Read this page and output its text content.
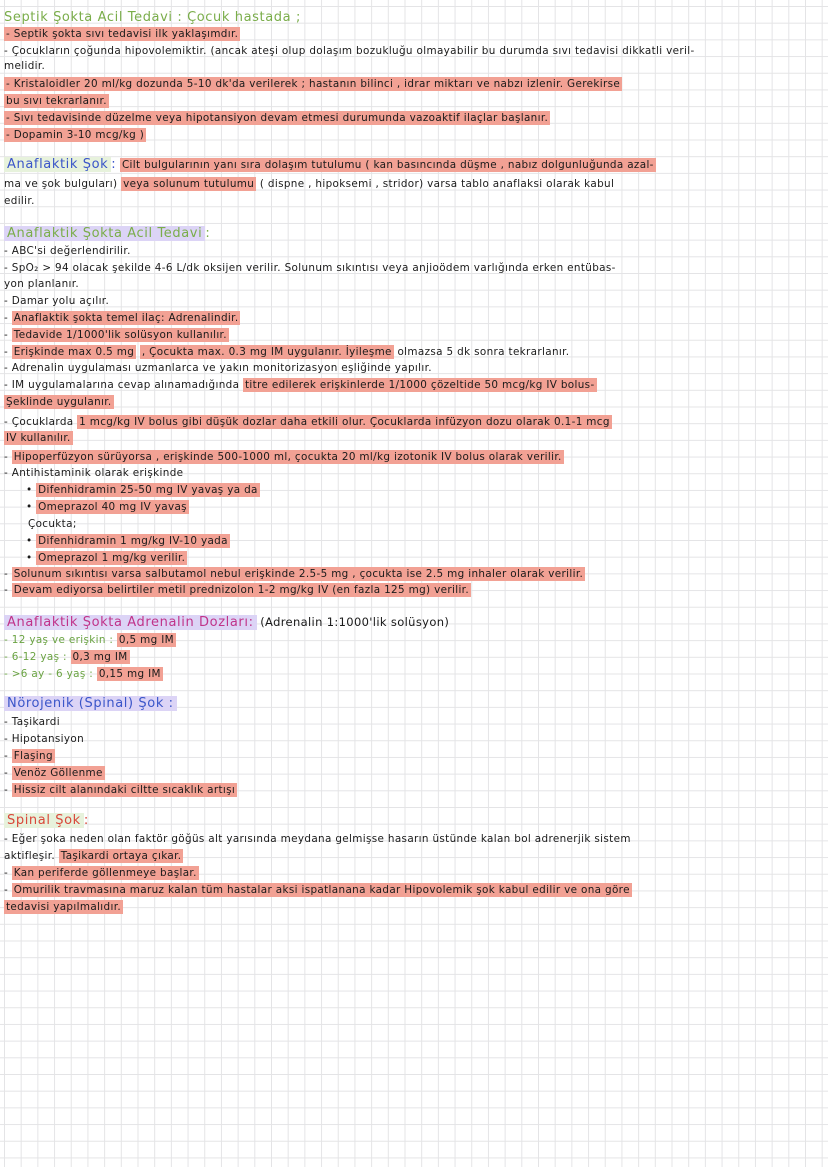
Septik Şokta Acil Tedavi : Çocuk hastada ;
- Septik şokta sıvı tedavisi ilk yaklaşımdır.
- Çocukların çoğunda hipovolemiktir. (ancak ateşi olup dolaşım bozukluğu olmayabilir bu durumda sıvı tedavisi dikkatli veril-
melidir.
- Kristaloidler 20 ml/kg dozunda 5-10 dk'da verilerek ; hastanın bilinci , idrar miktarı ve nabzı izlenir. Gerekirse
bu sıvı tekrarlanır.
- Sıvı tedavisinde düzelme veya hipotansiyon devam etmesi durumunda vazoaktif ilaçlar başlanır.
- Dopamin 3-10 mcg/kg )
Anaflaktik Şok : Cilt bulgularının yanı sıra dolaşım tutulumu ( kan basıncında düşme , nabız dolgunluğunda azal-
ma ve şok bulguları) veya solunum tutulumu ( dispne , hipoksemi , stridor) varsa tablo anaflaksi olarak kabul
edilir.
Anaflaktik Şokta Acil Tedavi :
- ABC'si değerlendirilir.
- SpO₂ > 94 olacak şekilde 4-6 L/dk oksijen verilir. Solunum sıkıntısı veya anjioödem varlığında erken entübas-
yon planlanır.
- Damar yolu açılır.
- Anaflaktik şokta temel ilaç: Adrenalindir.
- Tedavide 1/1000'lik solüsyon kullanılır.
- Erişkinde max 0.5 mg , Çocukta max. 0.3 mg IM uygulanır. İyileşme olmazsa 5 dk sonra tekrarlanır.
- Adrenalin uygulaması uzmanlarca ve yakın monitorizasyon eşliğinde yapılır.
- IM uygulamalarına cevap alınamadığında titre edilerek erişkinlerde 1/1000 çözeltide 50 mcg/kg IV bolus-
Şeklinde uygulanır.
- Çocuklarda 1 mcg/kg IV bolus gibi düşük dozlar daha etkili olur. Çocuklarda infüzyon dozu olarak 0.1-1 mcg
IV kullanılır.
- Hipoperfüzyon sürüyorsa , erişkinde 500-1000 ml, çocukta 20 ml/kg izotonik IV bolus olarak verilir.
- Antihistaminik olarak erişkinde
• Difenhidramin 25-50 mg IV yavaş ya da
• Omeprazol 40 mg IV yavaş
Çocukta;
• Difenhidramin 1 mg/kg IV-10 yada
• Omeprazol 1 mg/kg verilir.
- Solunum sıkıntısı varsa salbutamol nebul erişkinde 2.5-5 mg , çocukta ise 2.5 mg inhaler olarak verilir.
- Devam ediyorsa belirtiler metil prednizolon 1-2 mg/kg IV (en fazla 125 mg) verilir.
Anaflaktik Şokta Adrenalin Dozları: (Adrenalin 1:1000'lik solüsyon)
- 12 yaş ve erişkin : 0,5 mg IM
- 6-12 yaş : 0,3 mg IM
- >6 ay - 6 yaş : 0,15 mg IM
Nörojenik (Spinal) Şok :
- Taşikardi
- Hipotansiyon
- Flaşing
- Venöz Göllenme
- Hissiz cilt alanındaki ciltte sıcaklık artışı
Spinal Şok :
- Eğer şoka neden olan faktör göğüs alt yarısında meydana gelmişse hasarın üstünde kalan bol adrenerjik sistem
aktifleşir. Taşikardi ortaya çıkar.
- Kan periferde göllenmeye başlar.
- Omurilik travmasına maruz kalan tüm hastalar aksi ispatlanana kadar Hipovolemik şok kabul edilir ve ona göre
tedavisi yapılmalıdır.
